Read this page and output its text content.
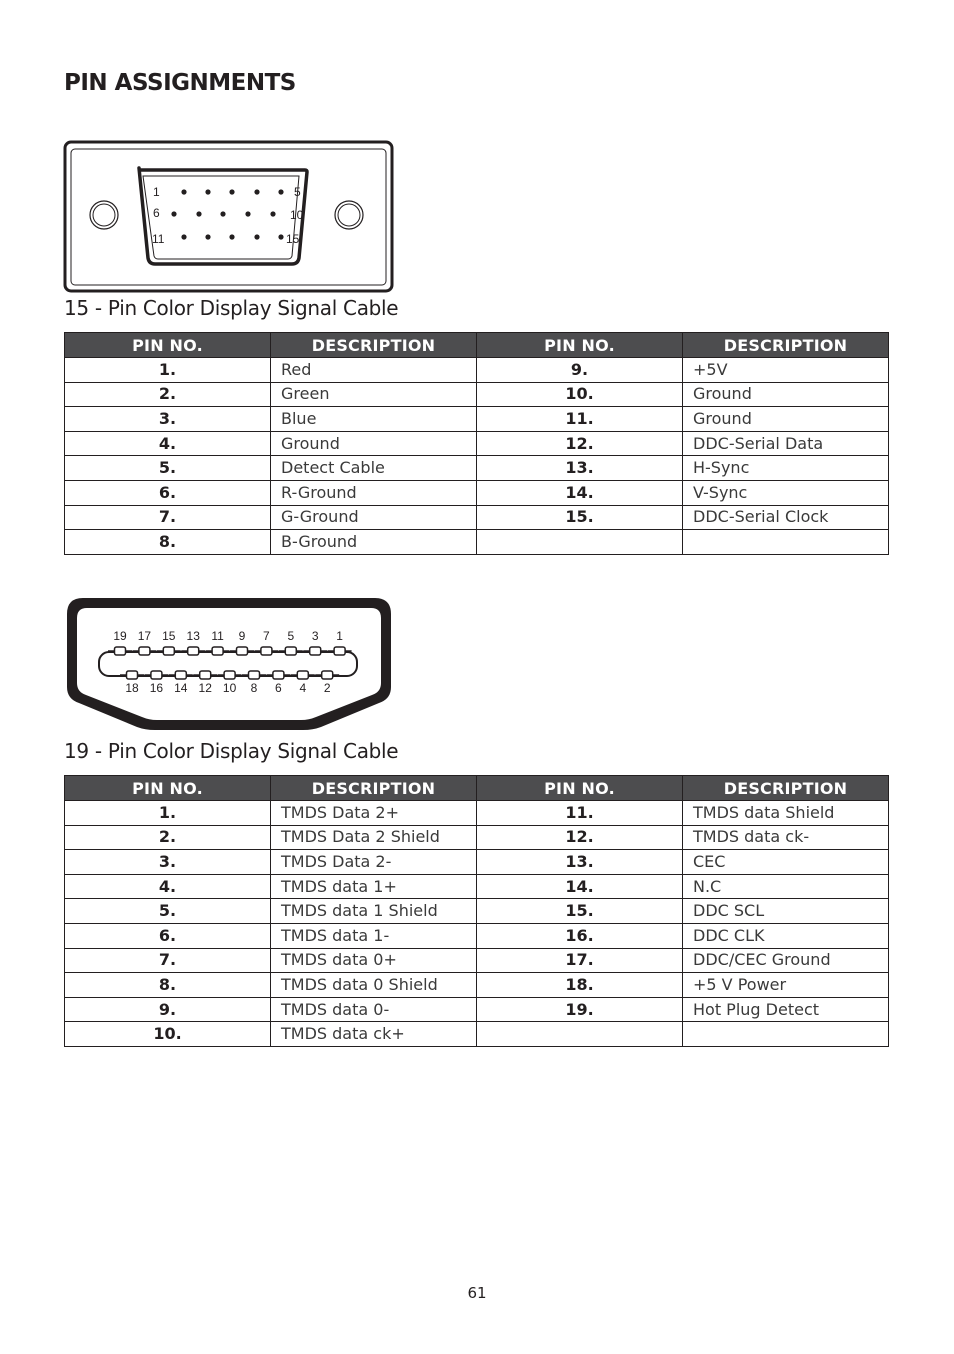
PIN ASSIGNMENTS
1	5
6	10
11	15
15 - Pin Color Display Signal Cable
PIN NO.	DESCRIPTION	PIN NO.	DESCRIPTION
1.	Red	9.	+5V
2.	Green	10.	Ground
3.	Blue	11.	Ground
4.	Ground	12.	DDC-Serial Data
5.	Detect Cable	13.	H-Sync
6.	R-Ground	14.	V-Sync
7.	G-Ground	15.	DDC-Serial Clock
8.	B-Ground		
19 17 15 13 11 9 7 5 3 1
18 16 14 12 10 8 6 4 2
19 - Pin Color Display Signal Cable
PIN NO.	DESCRIPTION	PIN NO.	DESCRIPTION
1.	TMDS Data 2+	11.	TMDS data Shield
2.	TMDS Data 2 Shield	12.	TMDS data ck-
3.	TMDS Data 2-	13.	CEC
4.	TMDS data 1+	14.	N.C
5.	TMDS data 1 Shield	15.	DDC SCL
6.	TMDS data 1-	16.	DDC CLK
7.	TMDS data 0+	17.	DDC/CEC Ground
8.	TMDS data 0 Shield	18.	+5 V Power
9.	TMDS data 0-	19.	Hot Plug Detect
10.	TMDS data ck+		

61
